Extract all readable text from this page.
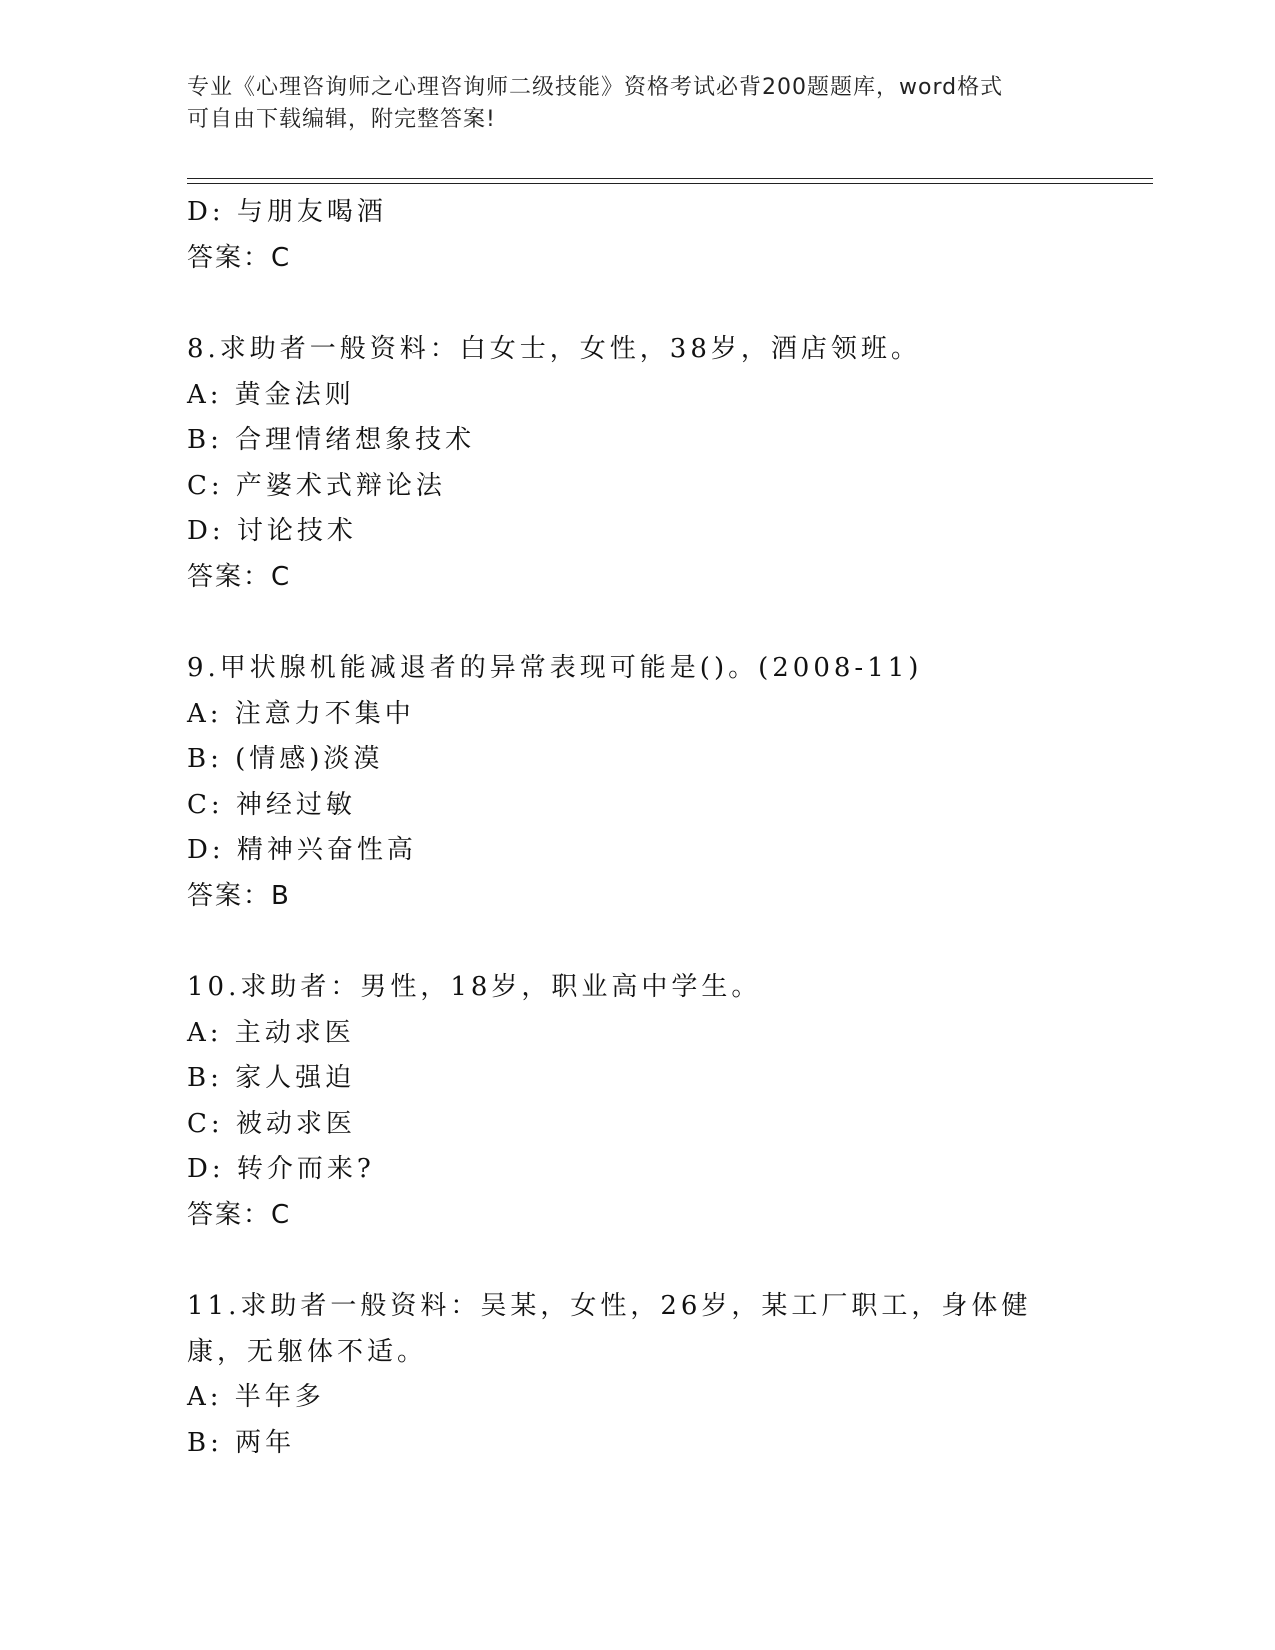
专业《心理咨询师之心理咨询师二级技能》资格考试必背200题题库，word格式
可自由下载编辑，附完整答案!
D: 与朋友喝酒
答案：C
8.求助者一般资料：白女士，女性，38岁，酒店领班。
A: 黄金法则
B: 合理情绪想象技术
C: 产婆术式辩论法
D: 讨论技术
答案：C
9.甲状腺机能减退者的异常表现可能是()。(2008-11)
A: 注意力不集中
B: (情感)淡漠
C: 神经过敏
D: 精神兴奋性高
答案：B
10.求助者：男性，18岁，职业高中学生。
A: 主动求医
B: 家人强迫
C: 被动求医
D: 转介而来?
答案：C
11.求助者一般资料：吴某，女性，26岁，某工厂职工，身体健康，无躯体不适。
A: 半年多
B: 两年
